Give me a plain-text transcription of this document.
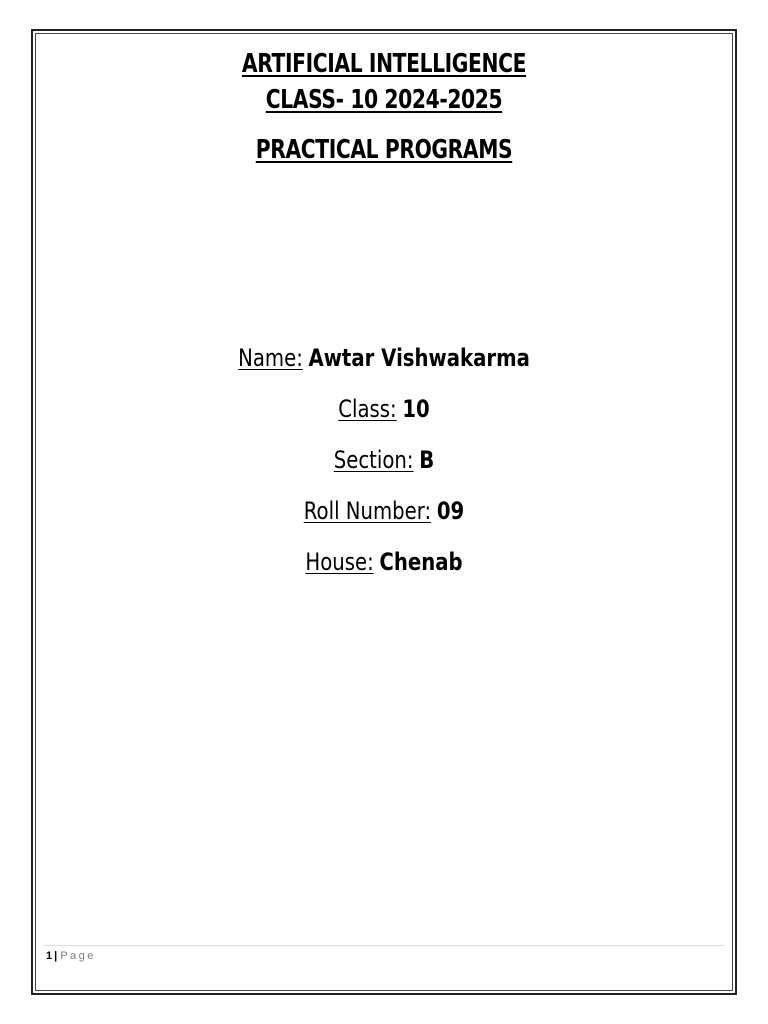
ARTIFICIAL INTELLIGENCE
CLASS- 10 2024-2025
PRACTICAL PROGRAMS
Name: Awtar Vishwakarma
Class: 10
Section: B
Roll Number: 09
House: Chenab
1 | Page
